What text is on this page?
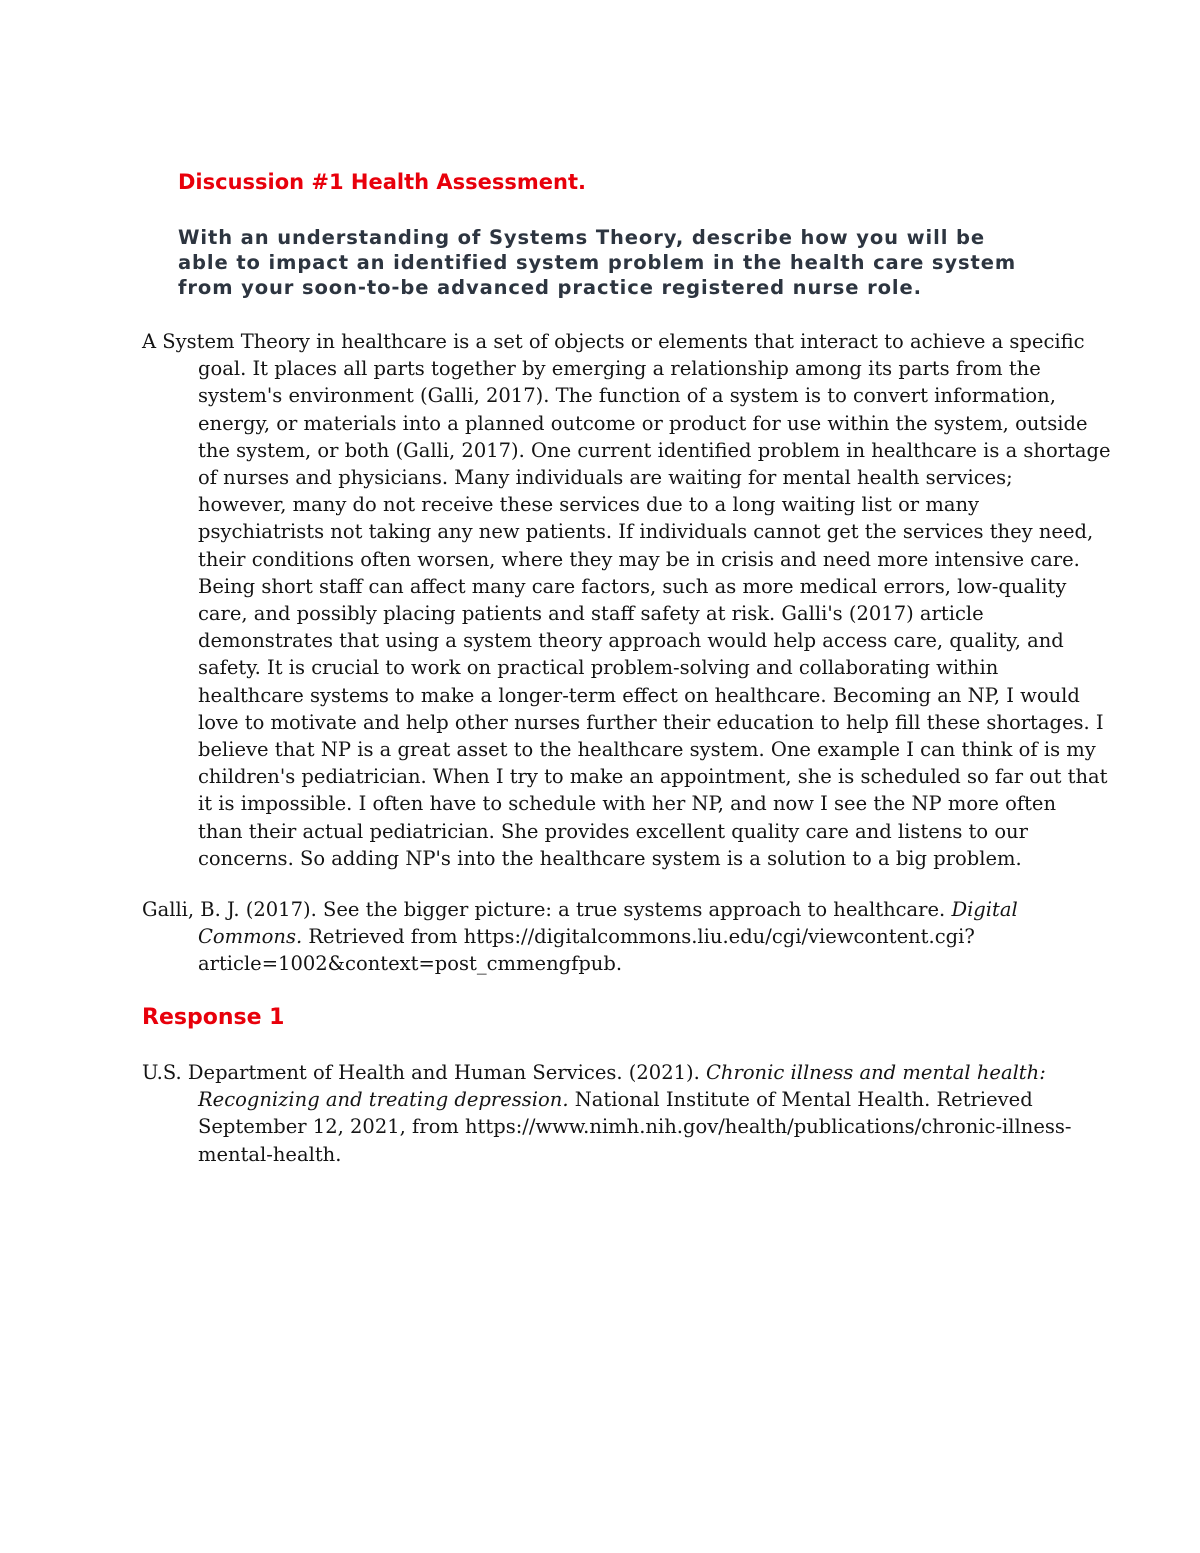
Discussion #1 Health Assessment.
With an understanding of Systems Theory, describe how you will be
able to impact an identified system problem in the health care system
from your soon-to-be advanced practice registered nurse role.
A System Theory in healthcare is a set of objects or elements that interact to achieve a specific
goal. It places all parts together by emerging a relationship among its parts from the
system's environment (Galli, 2017). The function of a system is to convert information,
energy, or materials into a planned outcome or product for use within the system, outside
the system, or both (Galli, 2017). One current identified problem in healthcare is a shortage
of nurses and physicians. Many individuals are waiting for mental health services;
however, many do not receive these services due to a long waiting list or many
psychiatrists not taking any new patients. If individuals cannot get the services they need,
their conditions often worsen, where they may be in crisis and need more intensive care.
Being short staff can affect many care factors, such as more medical errors, low-quality
care, and possibly placing patients and staff safety at risk. Galli's (2017) article
demonstrates that using a system theory approach would help access care, quality, and
safety. It is crucial to work on practical problem-solving and collaborating within
healthcare systems to make a longer-term effect on healthcare. Becoming an NP, I would
love to motivate and help other nurses further their education to help fill these shortages. I
believe that NP is a great asset to the healthcare system. One example I can think of is my
children's pediatrician. When I try to make an appointment, she is scheduled so far out that
it is impossible. I often have to schedule with her NP, and now I see the NP more often
than their actual pediatrician. She provides excellent quality care and listens to our
concerns. So adding NP's into the healthcare system is a solution to a big problem.
Galli, B. J. (2017). See the bigger picture: a true systems approach to healthcare. Digital
Commons. Retrieved from https://digitalcommons.liu.edu/cgi/viewcontent.cgi?
article=1002&context=post_cmmengfpub.
Response 1
U.S. Department of Health and Human Services. (2021). Chronic illness and mental health:
Recognizing and treating depression. National Institute of Mental Health. Retrieved
September 12, 2021, from https://www.nimh.nih.gov/health/publications/chronic-illness-
mental-health.
